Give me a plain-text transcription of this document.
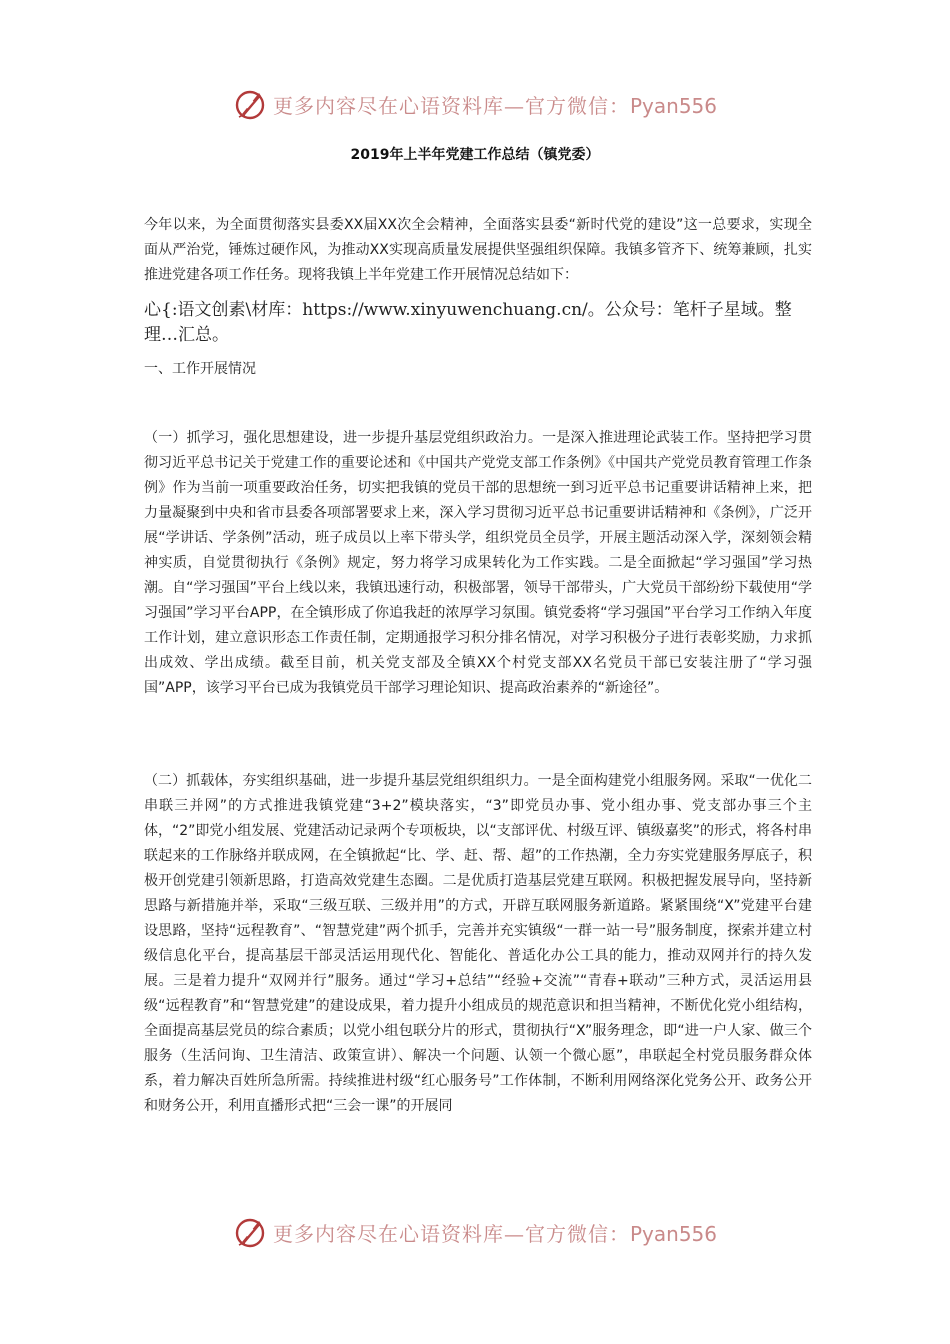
更多内容尽在心语资料库—官方微信：Pyan556
2019年上半年党建工作总结（镇党委）

今年以来，为全面贯彻落实县委XX届XX次全会精神，全面落实县委“新时代党的建设”这一总要求，实现全面从严治党，锤炼过硬作风，为推动XX实现高质量发展提供坚强组织保障。我镇多管齐下、统筹兼顾，扎实推进党建各项工作任务。现将我镇上半年党建工作开展情况总结如下：

心{:语文创素\材库：https://www.xinyuwenchuang.cn/。公众号：笔杆子星域。整理…汇总。

一、工作开展情况

（一）抓学习，强化思想建设，进一步提升基层党组织政治力。一是深入推进理论武装工作。坚持把学习贯彻习近平总书记关于党建工作的重要论述和《中国共产党党支部工作条例》《中国共产党党员教育管理工作条例》作为当前一项重要政治任务，切实把我镇的党员干部的思想统一到习近平总书记重要讲话精神上来，把力量凝聚到中央和省市县委各项部署要求上来，深入学习贯彻习近平总书记重要讲话精神和《条例》，广泛开展“学讲话、学条例”活动，班子成员以上率下带头学，组织党员全员学，开展主题活动深入学，深刻领会精神实质，自觉贯彻执行《条例》规定，努力将学习成果转化为工作实践。二是全面掀起“学习强国”学习热潮。自“学习强国”平台上线以来，我镇迅速行动，积极部署，领导干部带头，广大党员干部纷纷下载使用“学习强国”学习平台APP，在全镇形成了你追我赶的浓厚学习氛围。镇党委将“学习强国”平台学习工作纳入年度工作计划，建立意识形态工作责任制，定期通报学习积分排名情况，对学习积极分子进行表彰奖励，力求抓出成效、学出成绩。截至目前，机关党支部及全镇XX个村党支部XX名党员干部已安装注册了“学习强国”APP，该学习平台已成为我镇党员干部学习理论知识、提高政治素养的“新途径”。

（二）抓载体，夯实组织基础，进一步提升基层党组织组织力。一是全面构建党小组服务网。采取“一优化二串联三并网”的方式推进我镇党建“3+2”模块落实，“3”即党员办事、党小组办事、党支部办事三个主体，“2”即党小组发展、党建活动记录两个专项板块，以“支部评优、村级互评、镇级嘉奖”的形式，将各村串联起来的工作脉络并联成网，在全镇掀起“比、学、赶、帮、超”的工作热潮，全力夯实党建服务厚底子，积极开创党建引领新思路，打造高效党建生态圈。二是优质打造基层党建互联网。积极把握发展导向，坚持新思路与新措施并举，采取“三级互联、三级并用”的方式，开辟互联网服务新道路。紧紧围绕“X”党建平台建设思路，坚持“远程教育”、“智慧党建”两个抓手，完善并充实镇级“一群一站一号”服务制度，探索并建立村级信息化平台，提高基层干部灵活运用现代化、智能化、普适化办公工具的能力，推动双网并行的持久发展。三是着力提升“双网并行”服务。通过“学习+总结”“经验+交流”“青春+联动”三种方式，灵活运用县级“远程教育”和“智慧党建”的建设成果，着力提升小组成员的规范意识和担当精神，不断优化党小组结构，全面提高基层党员的综合素质；以党小组包联分片的形式，贯彻执行“X”服务理念，即“进一户人家、做三个服务（生活问询、卫生清洁、政策宣讲）、解决一个问题、认领一个微心愿”，串联起全村党员服务群众体系，着力解决百姓所急所需。持续推进村级“红心服务号”工作体制，不断利用网络深化党务公开、政务公开和财务公开，利用直播形式把“三会一课”的开展同

更多内容尽在心语资料库—官方微信：Pyan556
